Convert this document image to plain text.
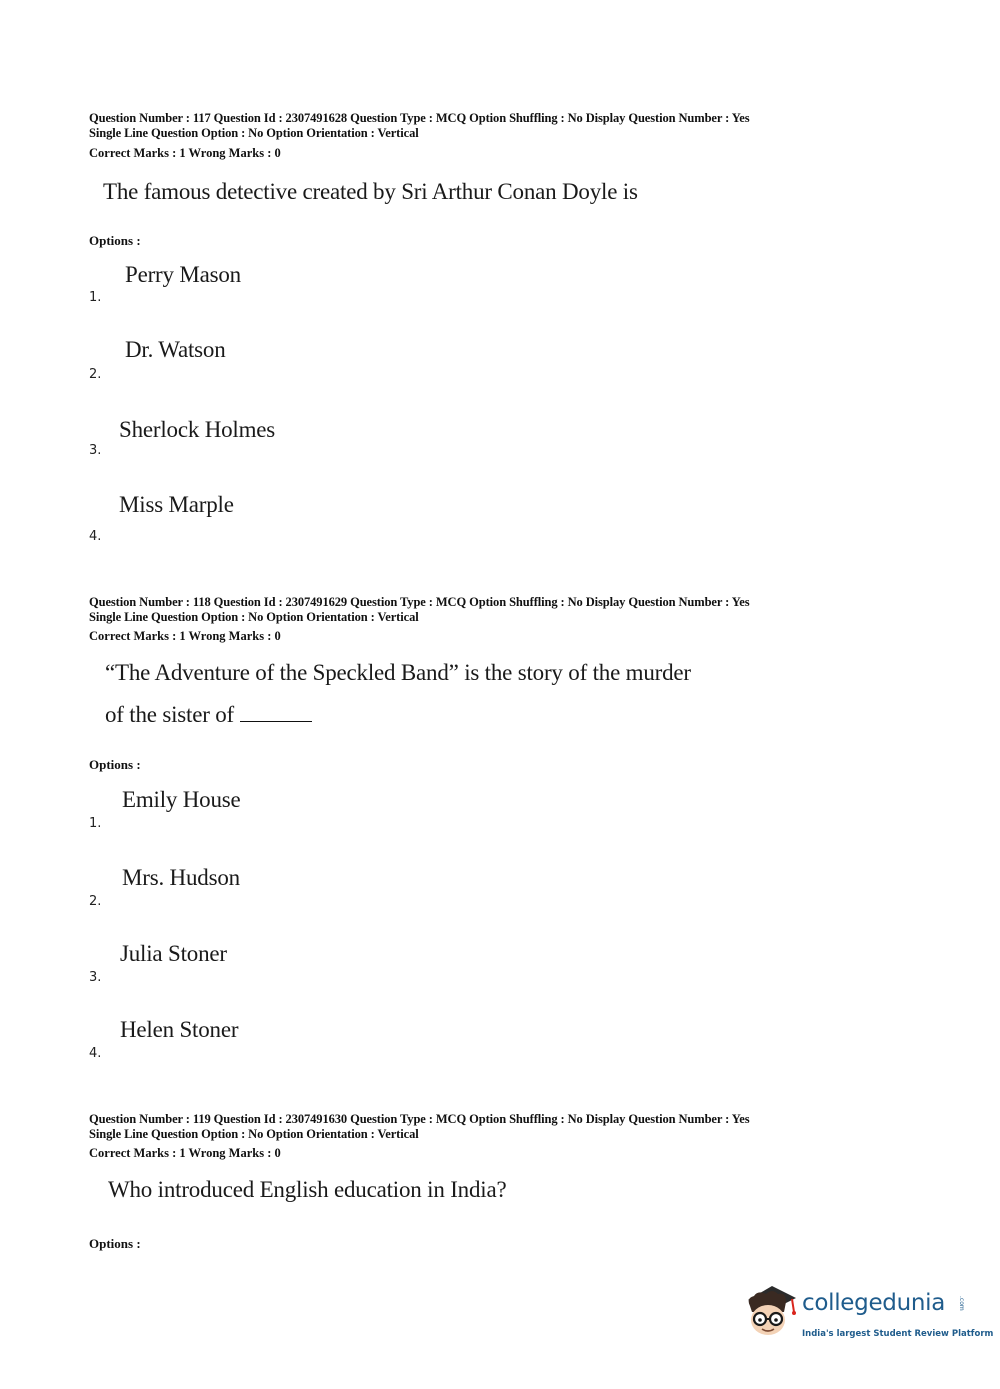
Question Number : 117 Question Id : 2307491628 Question Type : MCQ Option Shuffling : No Display Question Number : Yes
Single Line Question Option : No Option Orientation : Vertical
Correct Marks : 1 Wrong Marks : 0
The famous detective created by Sri Arthur Conan Doyle is
Options :
Perry Mason
1.
Dr. Watson
2.
Sherlock Holmes
3.
Miss Marple
4.
Question Number : 118 Question Id : 2307491629 Question Type : MCQ Option Shuffling : No Display Question Number : Yes
Single Line Question Option : No Option Orientation : Vertical
Correct Marks : 1 Wrong Marks : 0
“The Adventure of the Speckled Band” is the story of the murder
of the sister of
Options :
Emily House
1.
Mrs. Hudson
2.
Julia Stoner
3.
Helen Stoner
4.
Question Number : 119 Question Id : 2307491630 Question Type : MCQ Option Shuffling : No Display Question Number : Yes
Single Line Question Option : No Option Orientation : Vertical
Correct Marks : 1 Wrong Marks : 0
Who introduced English education in India?
Options :
collegedunia .com
India's largest Student Review Platform
